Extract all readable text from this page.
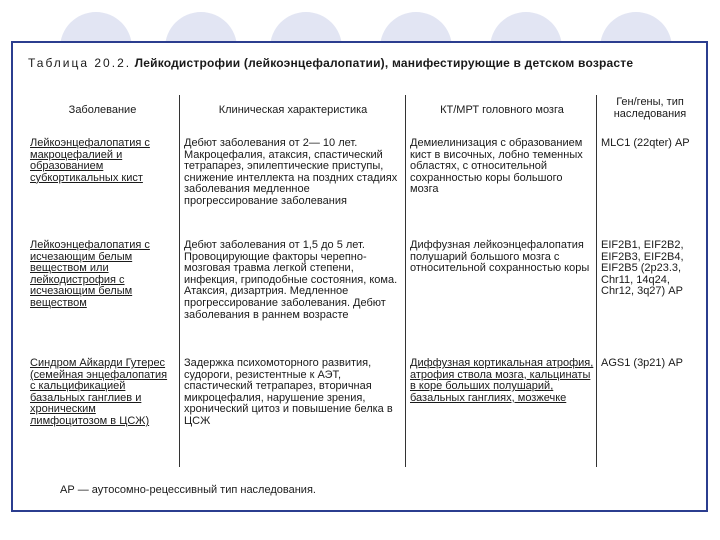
Таблица 20.2. Лейкодистрофии (лейкоэнцефалопатии), манифестирующие в детском возрасте
Заболевание	Клиническая характеристика	КТ/МРТ головного мозга
Ген/гены, тип наследования
Лейкоэнцефалопатия с макроцефалией и образованием субкортикальных кист
Дебют заболевания от 2— 10 лет. Макроцефалия, атаксия, спастический тетрапарез, эпилептические приступы, снижение интеллекта на поздних стадиях заболевания медленное прогрессирование заболевания
Демиелинизация с образованием кист в височных, лобно теменных областях, с относительной сохранностью коры большого мозга
MLC1 (22qter) АР
Лейкоэнцефалопатия с исчезающим белым веществом или лейкодистрофия с исчезающим белым веществом
Дебют заболевания от 1,5 до 5 лет. Провоцирующие факторы черепно-мозговая травма легкой степени, инфекция, гриподобные состояния, кома. Атаксия, дизартрия. Медленное прогрессирование заболевания. Дебют заболевания в раннем возрасте
Диффузная лейкоэнцефалопатия полушарий большого мозга с относительной сохранностью коры
EIF2B1, EIF2B2, EIF2B3, EIF2B4, EIF2B5 (2p23.3, Chr11, 14q24, Chr12, 3q27) АР
Синдром Айкарди Гутерес (семейная энцефалопатия с кальцификацией базальных ганглиев и хроническим лимфоцитозом в ЦСЖ)
Задержка психомоторного развития, судороги, резистентные к АЭТ, спастический тетрапарез, вторичная микроцефалия, нарушение зрения, хронический цитоз и повышение белка в ЦСЖ
Диффузная кортикальная атрофия, атрофия ствола мозга, кальцинаты в коре больших полушарий, базальных ганглиях, мозжечке
AGS1 (3p21) АР
АР — аутосомно-рецессивный тип наследования.
